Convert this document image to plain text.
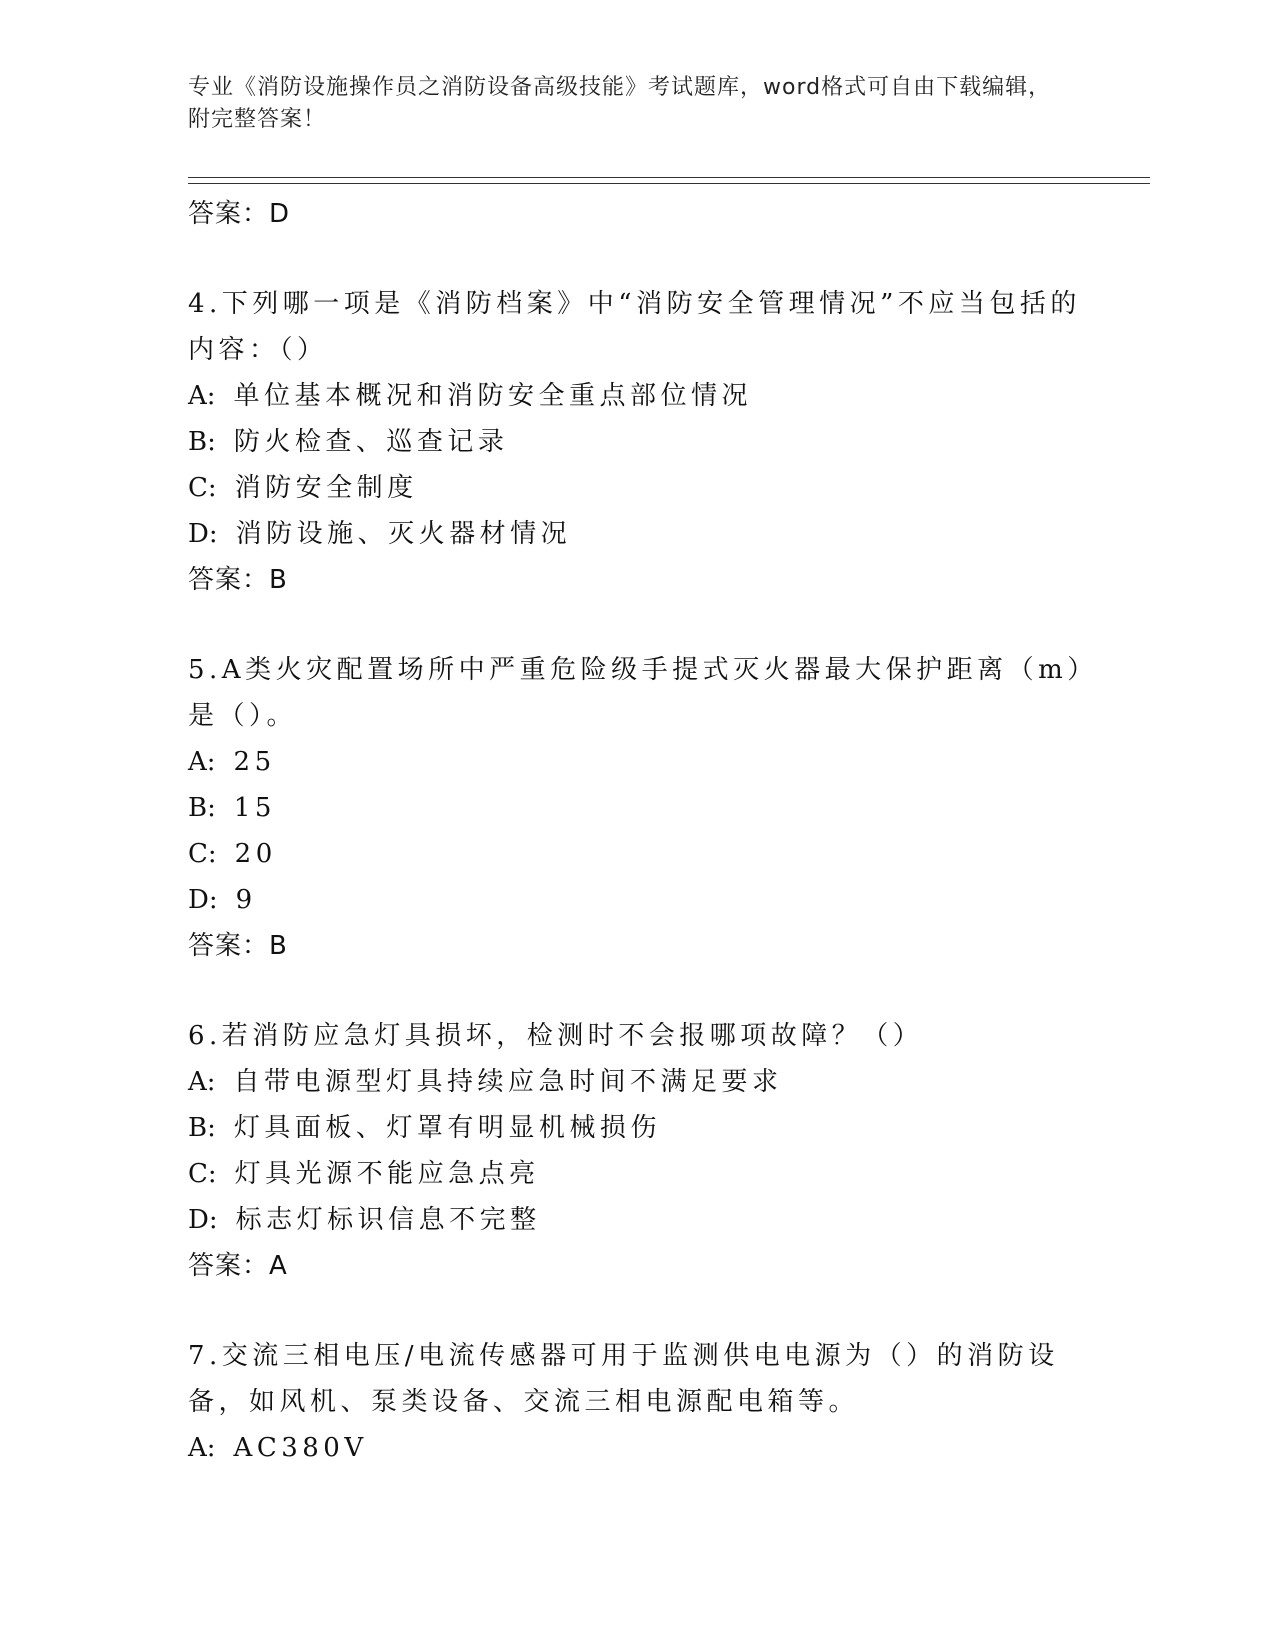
专业《消防设施操作员之消防设备高级技能》考试题库，word格式可自由下载编辑，附完整答案！
答案：D
4.下列哪一项是《消防档案》中“消防安全管理情况”不应当包括的内容：（）
A: 单位基本概况和消防安全重点部位情况
B: 防火检查、巡查记录
C: 消防安全制度
D: 消防设施、灭火器材情况
答案：B
5.A类火灾配置场所中严重危险级手提式灭火器最大保护距离（m）是（）。
A: 25
B: 15
C: 20
D: 9
答案：B
6.若消防应急灯具损坏，检测时不会报哪项故障？（）
A: 自带电源型灯具持续应急时间不满足要求
B: 灯具面板、灯罩有明显机械损伤
C: 灯具光源不能应急点亮
D: 标志灯标识信息不完整
答案：A
7.交流三相电压/电流传感器可用于监测供电电源为（）的消防设备，如风机、泵类设备、交流三相电源配电箱等。
A: AC380V
